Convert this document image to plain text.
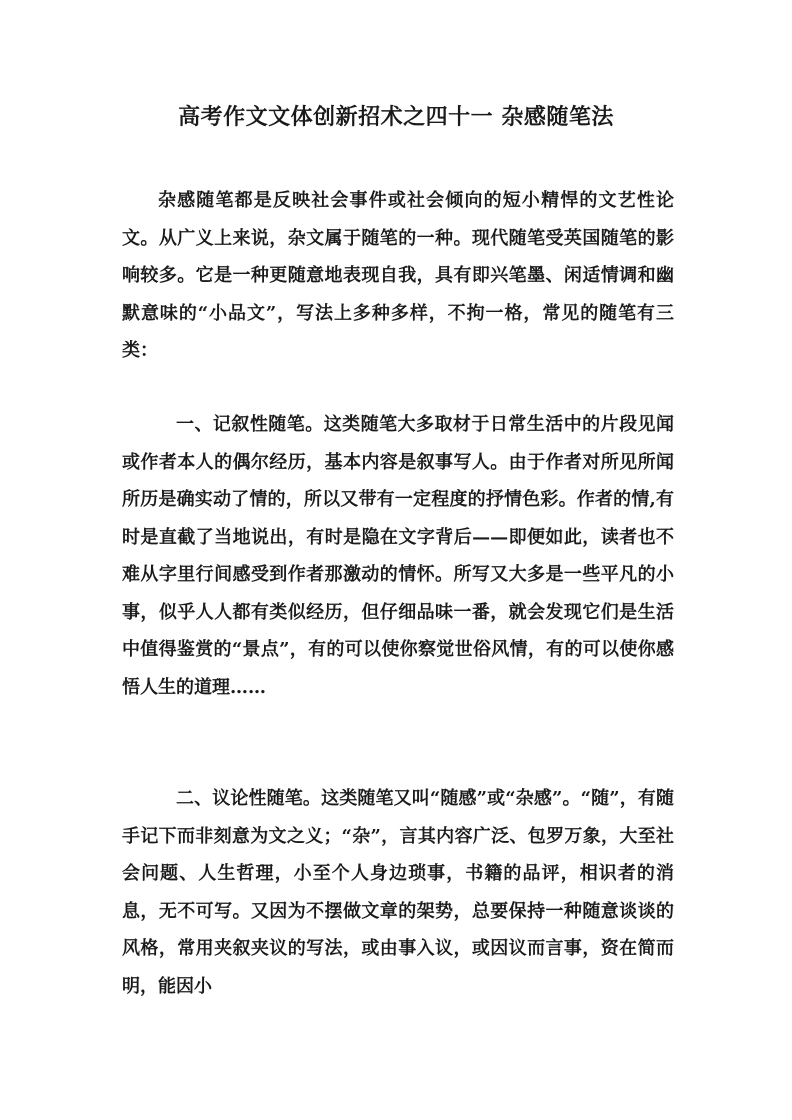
高考作文文体创新招术之四十一 杂感随笔法

杂感随笔都是反映社会事件或社会倾向的短小精悍的文艺性论文。从广义上来说，杂文属于随笔的一种。现代随笔受英国随笔的影响较多。它是一种更随意地表现自我，具有即兴笔墨、闲适情调和幽默意味的“小品文”，写法上多种多样，不拘一格，常见的随笔有三类：

一、记叙性随笔。这类随笔大多取材于日常生活中的片段见闻或作者本人的偶尔经历，基本内容是叙事写人。由于作者对所见所闻所历是确实动了情的，所以又带有一定程度的抒情色彩。作者的情,有时是直截了当地说出，有时是隐在文字背后——即便如此，读者也不难从字里行间感受到作者那激动的情怀。所写又大多是一些平凡的小事，似乎人人都有类似经历，但仔细品味一番，就会发现它们是生活中值得鉴赏的“景点”，有的可以使你察觉世俗风情，有的可以使你感悟人生的道理……

二、议论性随笔。这类随笔又叫“随感”或“杂感”。“随”，有随手记下而非刻意为文之义；“杂”，言其内容广泛、包罗万象，大至社会问题、人生哲理，小至个人身边琐事，书籍的品评，相识者的消息，无不可写。又因为不摆做文章的架势，总要保持一种随意谈谈的风格，常用夹叙夹议的写法，或由事入议，或因议而言事，资在简而明，能因小
